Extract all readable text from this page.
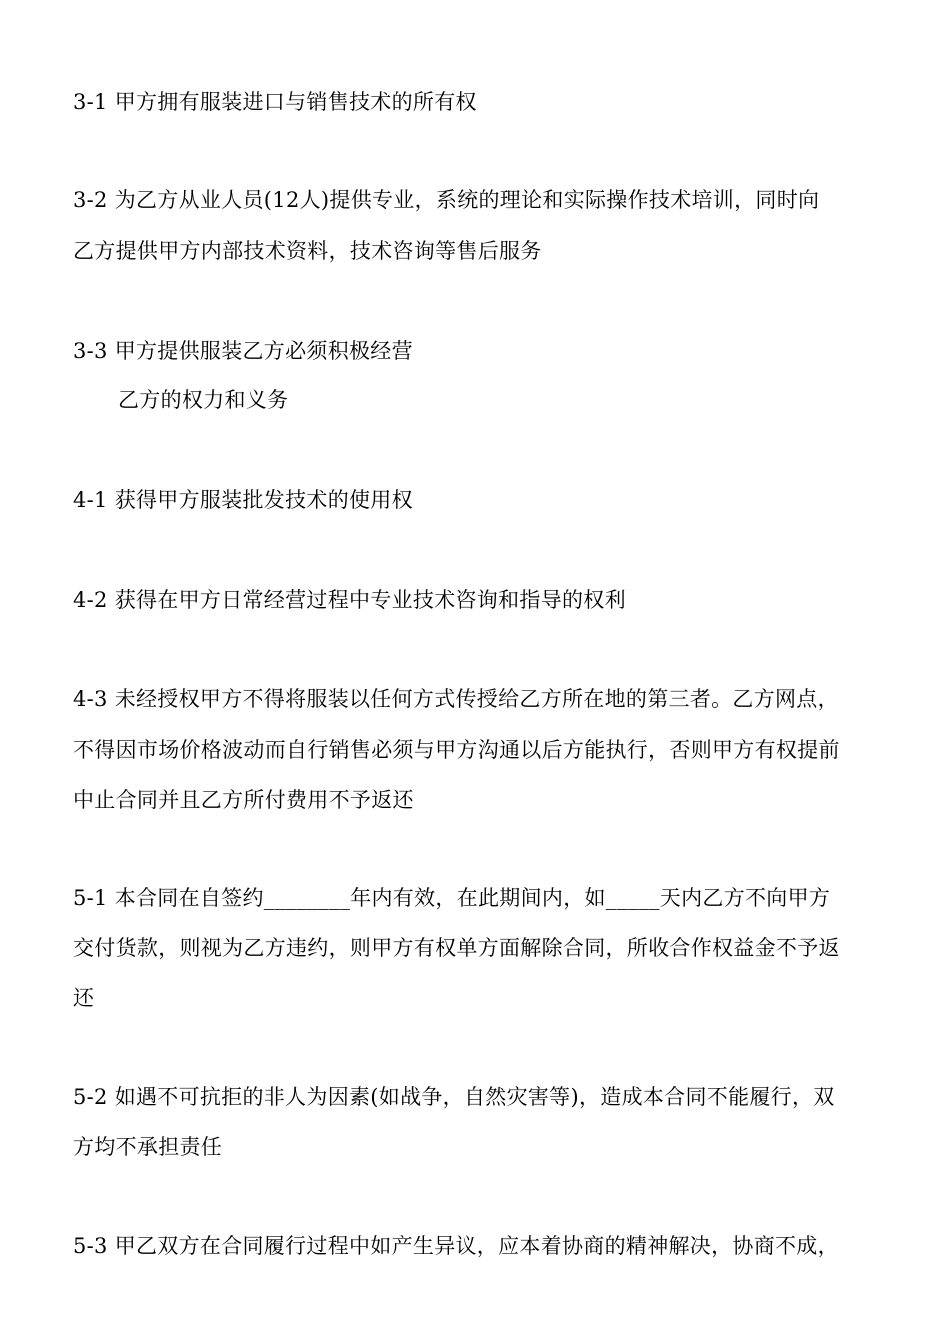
3-1 甲方拥有服装进口与销售技术的所有权
3-2 为乙方从业人员(12人)提供专业，系统的理论和实际操作技术培训，同时向
乙方提供甲方内部技术资料，技术咨询等售后服务
3-3 甲方提供服装乙方必须积极经营
乙方的权力和义务
4-1 获得甲方服装批发技术的使用权
4-2 获得在甲方日常经营过程中专业技术咨询和指导的权利
4-3 未经授权甲方不得将服装以任何方式传授给乙方所在地的第三者。乙方网点，
不得因市场价格波动而自行销售必须与甲方沟通以后方能执行，否则甲方有权提前
中止合同并且乙方所付费用不予返还
5-1 本合同在自签约________年内有效，在此期间内，如_____天内乙方不向甲方
交付货款，则视为乙方违约，则甲方有权单方面解除合同，所收合作权益金不予返
还
5-2 如遇不可抗拒的非人为因素(如战争，自然灾害等)，造成本合同不能履行，双
方均不承担责任
5-3 甲乙双方在合同履行过程中如产生异议，应本着协商的精神解决，协商不成，
